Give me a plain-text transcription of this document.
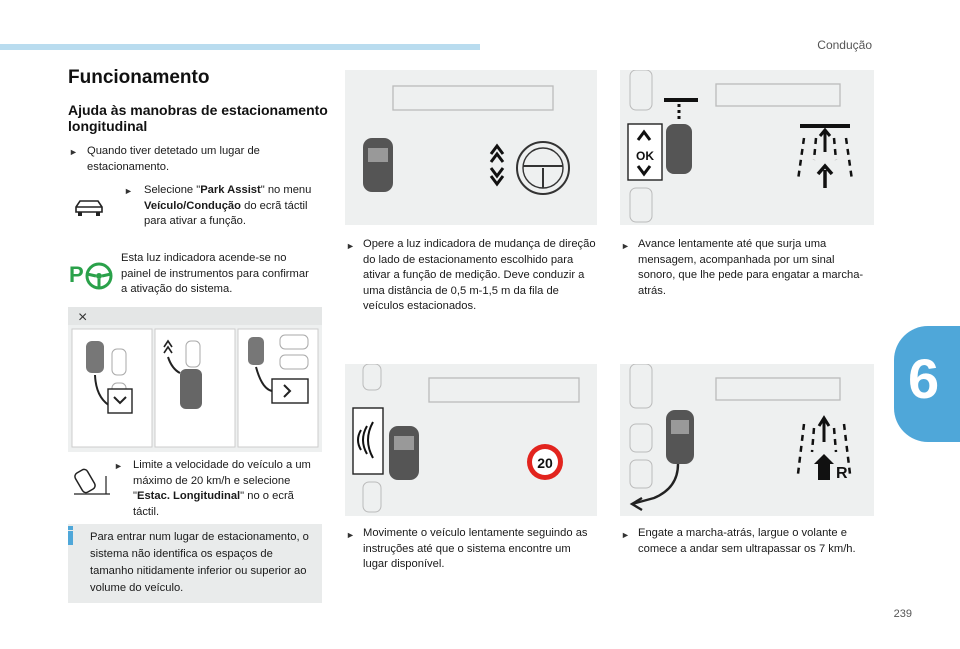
Condução
6
239
Funcionamento
Ajuda às manobras de estacionamento longitudinal
► Quando tiver detetado um lugar de estacionamento.
► Selecione "Park Assist" no menu Veículo/Condução do ecrã táctil para ativar a função.
P
Esta luz indicadora acende-se no painel de instrumentos para confirmar a ativação do sistema.
×
► Limite a velocidade do veículo a um máximo de 20 km/h e selecione "Estac. Longitudinal" no o ecrã táctil.
Para entrar num lugar de estacionamento, o sistema não identifica os espaços de tamanho nitidamente inferior ou superior ao volume do veículo.
► Opere a luz indicadora de mudança de direção do lado de estacionamento escolhido para ativar a função de medição. Deve conduzir a uma distância de 0,5 m-1,5 m da fila de veículos estacionados.
20
► Movimente o veículo lentamente seguindo as instruções até que o sistema encontre um lugar disponível.
OK
► Avance lentamente até que surja uma mensagem, acompanhada por um sinal sonoro, que lhe pede para engatar a marcha-atrás.
R
► Engate a marcha-atrás, largue o volante e comece a andar sem ultrapassar os 7 km/h.
